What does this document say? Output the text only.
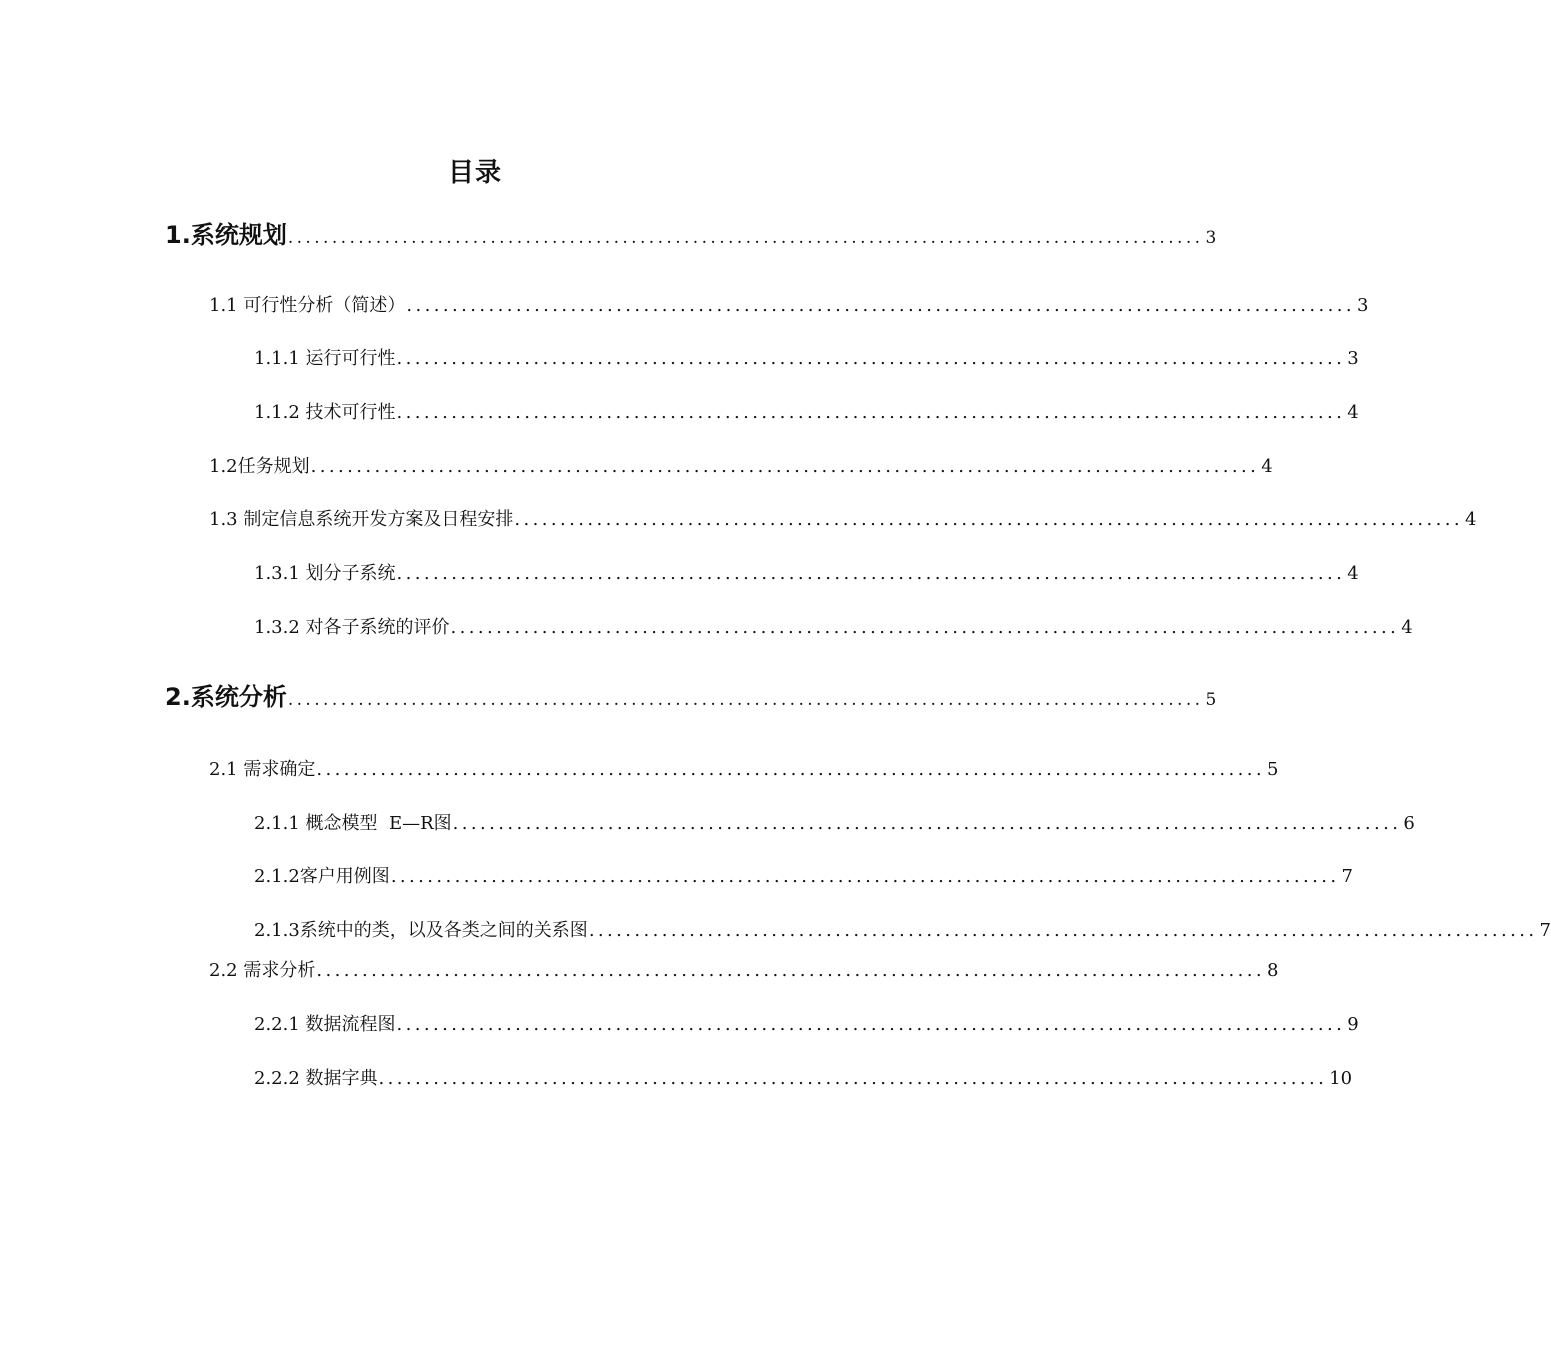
目录
1.系统规划 ........................................................................................................ 3
1.1 可行性分析（简述） ........................................................................................................ 3
1.1.1 运行可行性 ........................................................................................................ 3
1.1.2 技术可行性 ........................................................................................................ 4
1.2任务规划 ........................................................................................................ 4
1.3 制定信息系统开发方案及日程安排 ........................................................................................................ 4
1.3.1 划分子系统 ........................................................................................................ 4
1.3.2 对各子系统的评价 ........................................................................................................ 4
2.系统分析 ........................................................................................................ 5
2.1 需求确定 ........................................................................................................ 5
2.1.1 概念模型  E—R图 ........................................................................................................ 6
2.1.2客户用例图 ........................................................................................................ 7
2.1.3系统中的类，以及各类之间的关系图 ........................................................................................................ 7
2.2 需求分析 ........................................................................................................ 8
2.2.1 数据流程图 ........................................................................................................ 9
2.2.2 数据字典 ........................................................................................................ 10
